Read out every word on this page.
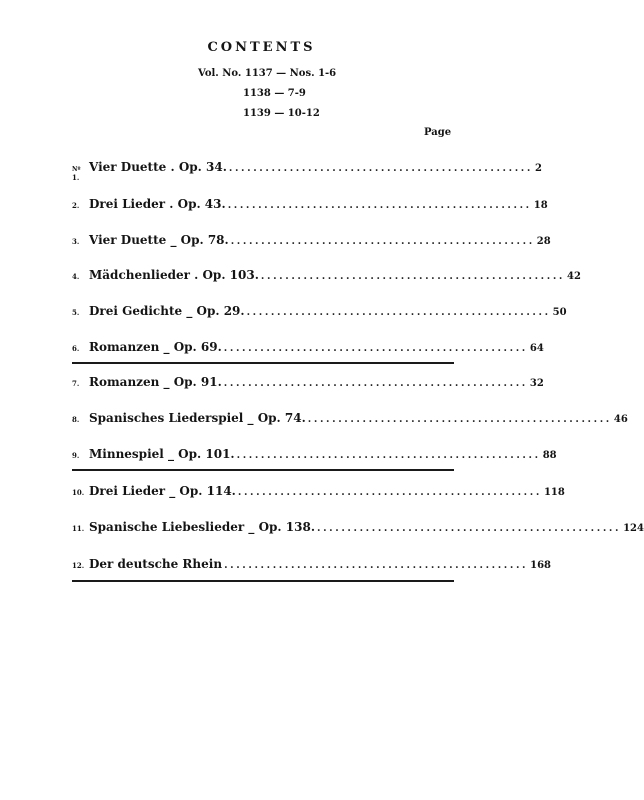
CONTENTS
Vol. No. 1137 — Nos. 1-6
1138 — 7-9
1139 — 10-12
Page
Nº
1.
Vier Duette . Op. 34. .................................................. 2
2. Drei Lieder . Op. 43. .................................................. 18
3. Vier Duette _ Op. 78. .................................................. 28
4. Mädchenlieder . Op. 103. .................................................. 42
5. Drei Gedichte _ Op. 29. .................................................. 50
6. Romanzen _ Op. 69. .................................................. 64
7. Romanzen _ Op. 91. .................................................. 32
8. Spanisches Liederspiel _ Op. 74. .................................................. 46
9. Minnespiel _ Op. 101. .................................................. 88
10. Drei Lieder _ Op. 114. .................................................. 118
11. Spanische Liebeslieder _ Op. 138. .................................................. 124
12. Der deutsche Rhein .................................................. 168
